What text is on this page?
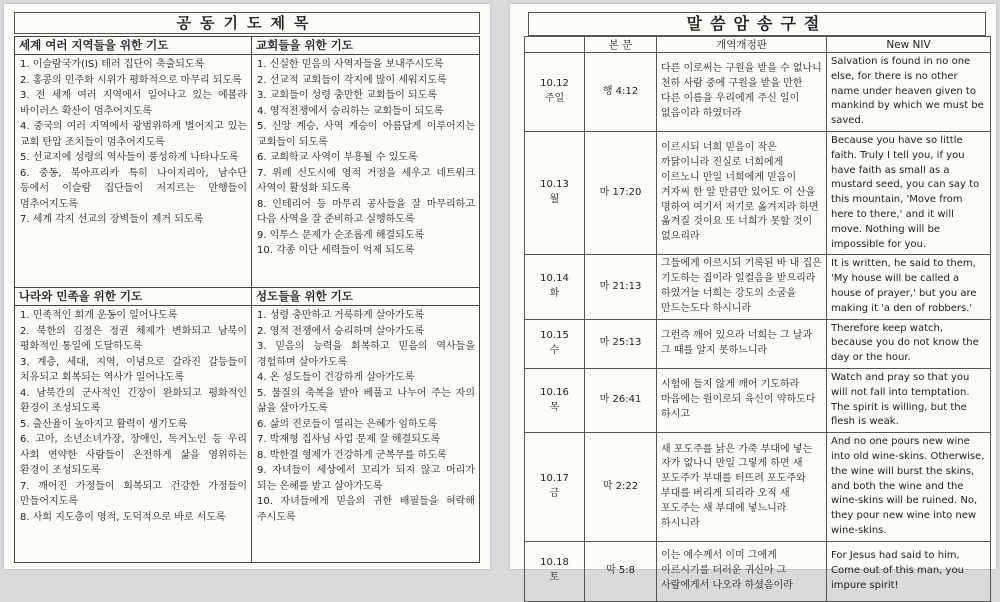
공동기도제목
세계 여러 지역들을 위한 기도
1. 이슬람국가(IS) 테러 집단이 축출되도록
2. 홍콩의 민주화 시위가 평화적으로 마무리 되도록
3. 전 세계 여러 지역에서 일어나고 있는 에볼라 바이러스 확산이 멈추어지도록
4. 중국의 여러 지역에서 광범위하게 벌어지고 있는 교회 탄압 조치들이 멈추어지도록
5. 선교지에 성령의 역사들이 풍성하게 나타나도록
6. 중동, 북아프리카 특히 나이지리아, 남수단 등에서 이슬람 집단들이 저지르는 만행들이 멈추어지도록
7. 세계 각지 선교의 장벽들이 제거 되도록
교회들을 위한 기도
1. 신실한 믿음의 사역자들을 보내주시도록
2. 선교적 교회들이 각지에 많이 세워지도록
3. 교회들이 성령 충만한 교회들이 되도록
4. 영적전쟁에서 승리하는 교회들이 되도록
5. 신앙 계승, 사역 계승이 아름답게 이루어지는 교회들이 되도록
6. 교회학교 사역이 부흥될 수 있도록
7. 위례 신도시에 영적 거점을 세우고 네트워크 사역이 활성화 되도록
8. 인테리어 등 마무리 공사들을 잘 마무리하고 다음 사역을 잘 준비하고 실행하도록
9. 익투스 문제가 순조롭게 해결되도록
10. 각종 이단 세력들이 억제 되도록
나라와 민족을 위한 기도
1. 민족적인 회개 운동이 일어나도록
2. 북한의 김정은 정권 체제가 변화되고 남북이 평화적인 통일에 도달하도록
3. 계층, 세대, 지역, 이념으로 갈라진 갈등들이 치유되고 회복되는 역사가 일어나도록
4. 남북간의 군사적인 긴장이 완화되고 평화적인 환경이 조성되도록
5. 출산율이 높아지고 활력이 생기도록
6. 고아, 소년소녀가장, 장애인, 독거노인 등 우리 사회 연약한 사람들이 온전하게 삶을 영위하는 환경이 조성되도록
7. 깨어진 가정들이 회복되고 건강한 가정들이 만들어지도록
8. 사회 지도층이 영적, 도덕적으로 바로 서도록
성도들을 위한 기도
1. 성령 충만하고 거룩하게 살아가도록
2. 영적 전쟁에서 승리하며 살아가도록
3. 믿음의 능력을 회복하고 믿음의 역사들을 경험하며 살아가도록
4. 온 성도들이 건강하게 살아가도록
5. 물질의 축복을 받아 베풀고 나누어 주는 자의 삶을 살아가도록
6. 삶의 진로들이 열리는 은혜가 임하도록
7. 박재형 집사님 사업 문제 잘 해결되도록
8. 박한결 형제가 건강하게 군복무를 하도록
9. 자녀들이 세상에서 꼬리가 되지 않고 머리가 되는 은혜를 받고 살아가도록
10. 자녀들에게 믿음의 귀한 배필들을 허락해 주시도록
말씀암송구절
	본 문	개역개정판	New NIV
10.12
주일	행 4:12	다른 이로써는 구원을 받을 수 없나니 천하 사람 중에 구원을 받을 만한 다른 이름을 우리에게 주신 일이 없음이라 하였더라	Salvation is found in no one else, for there is no other name under heaven given to mankind by which we must be saved.
10.13
월	마 17:20	이르시되 너희 믿음이 작은 까닭이니라 진실로 너희에게 이르노니 만일 너희에게 믿음이 겨자씨 한 알 만큼만 있어도 이 산을 명하여 여기서 저기로 옮겨지라 하면 옮겨질 것이요 또 너희가 못할 것이 없으리라	Because you have so little faith. Truly I tell you, if you have faith as small as a mustard seed, you can say to this mountain, 'Move from here to there,' and it will move. Nothing will be impossible for you.
10.14
화	마 21:13	그들에게 이르시되 기록된 바 내 집은 기도하는 집이라 일컬음을 받으리라 하였거늘 너희는 강도의 소굴을 만드는도다 하시니라	It is written, he said to them, 'My house will be called a house of prayer,' but you are making it 'a den of robbers.'
10.15
수	마 25:13	그런즉 깨어 있으라 너희는 그 날과 그 때를 알지 못하느니라	Therefore keep watch, because you do not know the day or the hour.
10.16
목	마 26:41	시험에 들지 않게 깨어 기도하라 마음에는 원이로되 육신이 약하도다 하시고	Watch and pray so that you will not fall into temptation. The spirit is willing, but the flesh is weak.
10.17
금	막 2:22	새 포도주를 낡은 가죽 부대에 넣는 자가 없나니 만일 그렇게 하면 새 포도주가 부대를 터뜨려 포도주와 부대를 버리게 되리라 오직 새 포도주는 새 부대에 넣느니라 하시니라	And no one pours new wine into old wine-skins. Otherwise, the wine will burst the skins, and both the wine and the wine-skins will be ruined. No, they pour new wine into new wine-skins.
10.18
토	막 5:8	이는 예수께서 이미 그에게 이르시기를 더러운 귀신아 그 사람에게서 나오라 하셨음이라	For Jesus had said to him, Come out of this man, you impure spirit!
